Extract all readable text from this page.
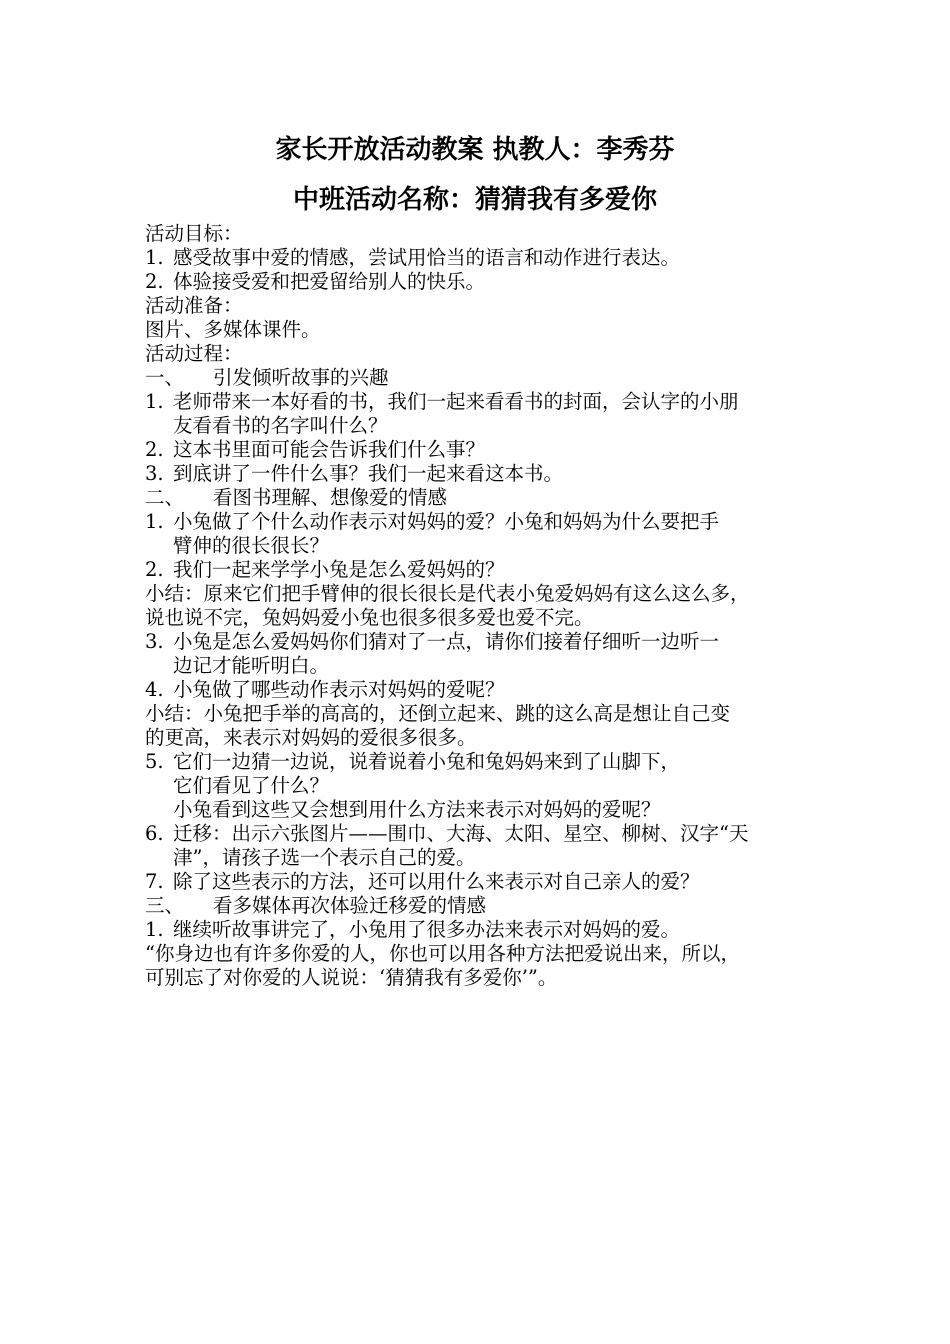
家长开放活动教案 执教人：李秀芬
中班活动名称：猜猜我有多爱你
活动目标：
1. 感受故事中爱的情感，尝试用恰当的语言和动作进行表达。
2. 体验接受爱和把爱留给别人的快乐。
活动准备：
图片、多媒体课件。
活动过程：
一、	引发倾听故事的兴趣
1. 老师带来一本好看的书，我们一起来看看书的封面，会认字的小朋
友看看书的名字叫什么？
2. 这本书里面可能会告诉我们什么事？
3. 到底讲了一件什么事？我们一起来看这本书。
二、	看图书理解、想像爱的情感
1. 小兔做了个什么动作表示对妈妈的爱？小兔和妈妈为什么要把手
臂伸的很长很长？
2. 我们一起来学学小兔是怎么爱妈妈的？
小结：原来它们把手臂伸的很长很长是代表小兔爱妈妈有这么这么多，
说也说不完，兔妈妈爱小兔也很多很多爱也爱不完。
3. 小兔是怎么爱妈妈你们猜对了一点，请你们接着仔细听一边听一
边记才能听明白。
4. 小兔做了哪些动作表示对妈妈的爱呢？
小结：小兔把手举的高高的，还倒立起来、跳的这么高是想让自己变
的更高，来表示对妈妈的爱很多很多。
5. 它们一边猜一边说，说着说着小兔和兔妈妈来到了山脚下，
它们看见了什么？
小兔看到这些又会想到用什么方法来表示对妈妈的爱呢？
6. 迁移：出示六张图片——围巾、大海、太阳、星空、柳树、汉字“天
津”，请孩子选一个表示自己的爱。
7. 除了这些表示的方法，还可以用什么来表示对自己亲人的爱？
三、	看多媒体再次体验迁移爱的情感
1. 继续听故事讲完了，小兔用了很多办法来表示对妈妈的爱。
“你身边也有许多你爱的人，你也可以用各种方法把爱说出来，所以，
可别忘了对你爱的人说说：‘猜猜我有多爱你’”。
